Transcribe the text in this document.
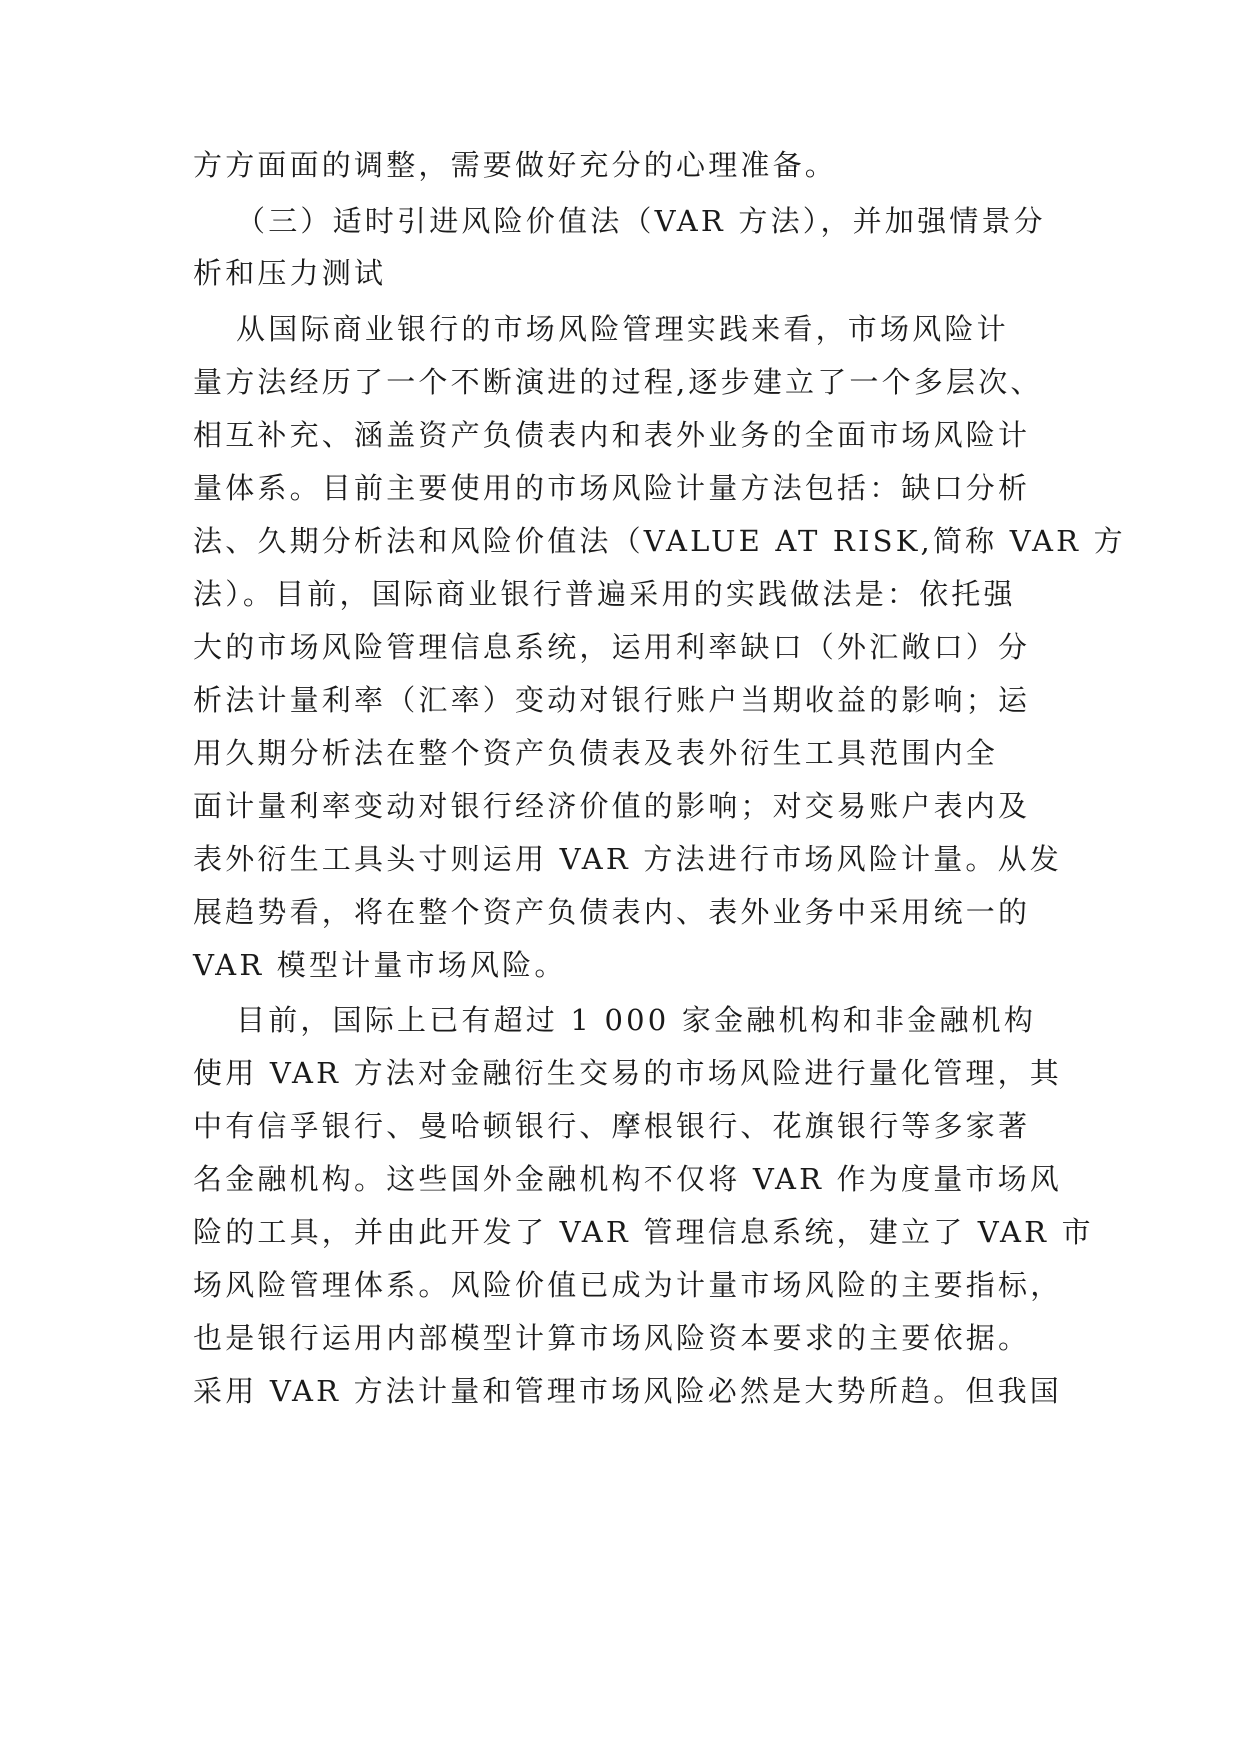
方方面面的调整，需要做好充分的心理准备。
（三）适时引进风险价值法（VAR 方法），并加强情景分
析和压力测试
从国际商业银行的市场风险管理实践来看，市场风险计
量方法经历了一个不断演进的过程,逐步建立了一个多层次、
相互补充、涵盖资产负债表内和表外业务的全面市场风险计
量体系。目前主要使用的市场风险计量方法包括：缺口分析
法、久期分析法和风险价值法（VALUE AT RISK,简称 VAR 方
法）。目前，国际商业银行普遍采用的实践做法是：依托强
大的市场风险管理信息系统，运用利率缺口（外汇敞口）分
析法计量利率（汇率）变动对银行账户当期收益的影响；运
用久期分析法在整个资产负债表及表外衍生工具范围内全
面计量利率变动对银行经济价值的影响；对交易账户表内及
表外衍生工具头寸则运用 VAR 方法进行市场风险计量。从发
展趋势看，将在整个资产负债表内、表外业务中采用统一的
VAR 模型计量市场风险。
目前，国际上已有超过 1 000 家金融机构和非金融机构
使用 VAR 方法对金融衍生交易的市场风险进行量化管理，其
中有信孚银行、曼哈顿银行、摩根银行、花旗银行等多家著
名金融机构。这些国外金融机构不仅将 VAR 作为度量市场风
险的工具，并由此开发了 VAR 管理信息系统，建立了 VAR 市
场风险管理体系。风险价值已成为计量市场风险的主要指标，
也是银行运用内部模型计算市场风险资本要求的主要依据。
采用 VAR 方法计量和管理市场风险必然是大势所趋。但我国
